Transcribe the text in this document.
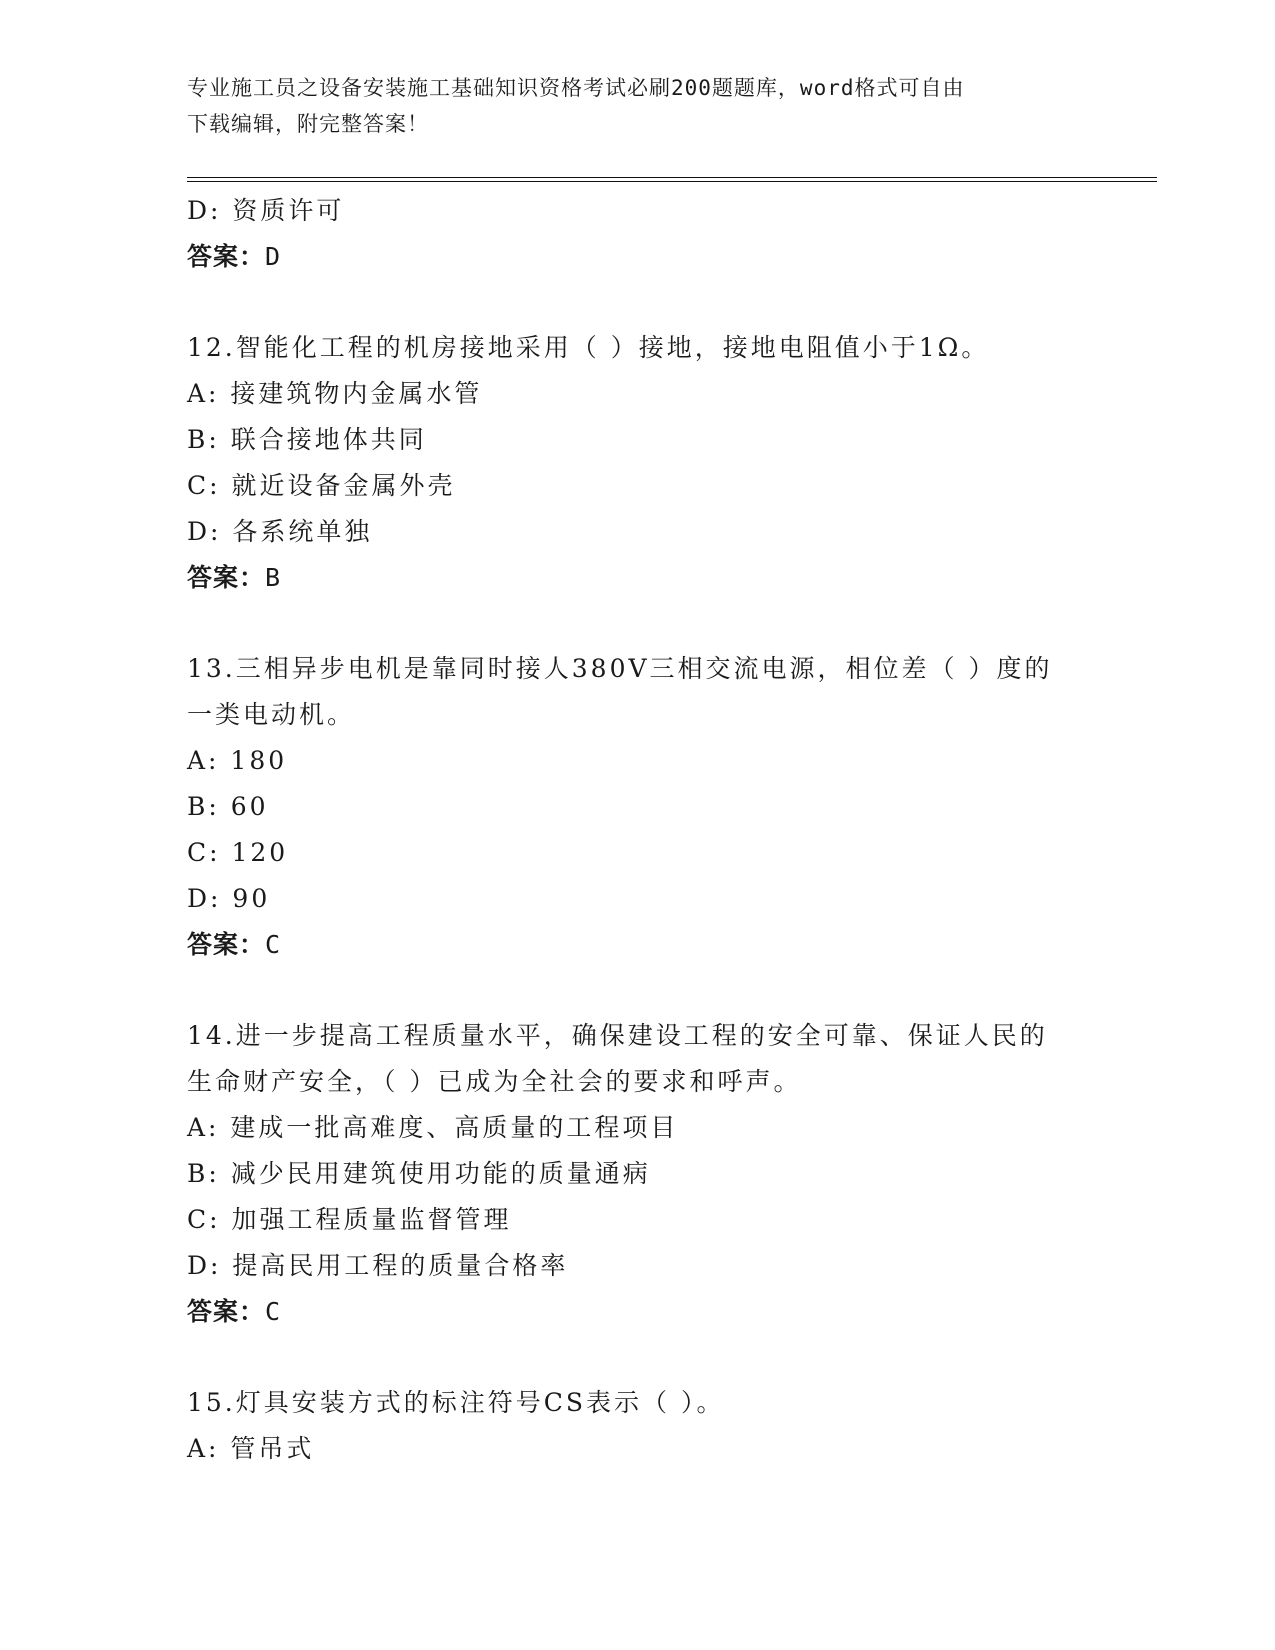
专业施工员之设备安装施工基础知识资格考试必刷200题题库，word格式可自由
下载编辑，附完整答案！
D: 资质许可
答案：D
12.智能化工程的机房接地采用（ ）接地，接地电阻值小于1Ω。
A: 接建筑物内金属水管
B: 联合接地体共同
C: 就近设备金属外壳
D: 各系统单独
答案：B
13.三相异步电机是靠同时接人380V三相交流电源，相位差（ ）度的
一类电动机。
A: 180
B: 60
C: 120
D: 90
答案：C
14.进一步提高工程质量水平，确保建设工程的安全可靠、保证人民的
生命财产安全，（ ）已成为全社会的要求和呼声。
A: 建成一批高难度、高质量的工程项目
B: 减少民用建筑使用功能的质量通病
C: 加强工程质量监督管理
D: 提高民用工程的质量合格率
答案：C
15.灯具安装方式的标注符号CS表示（ ）。
A: 管吊式
